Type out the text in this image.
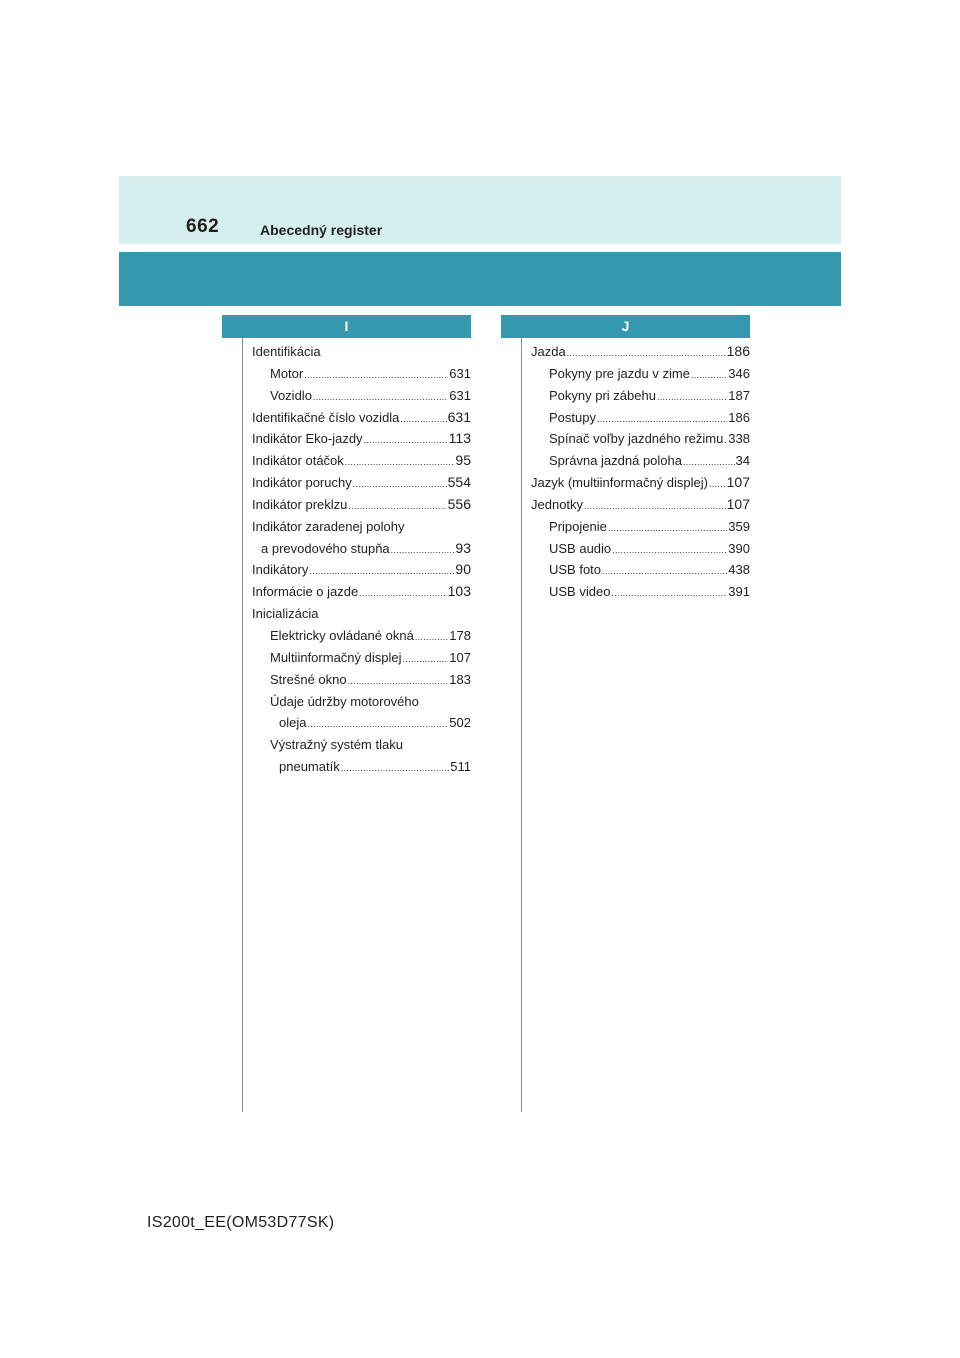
662	Abecedný register
I	J
Identifikácia
Motor .....	631
Vozidlo .....	631
Identifikačné číslo vozidla .....	631
Indikátor Eko-jazdy .....	113
Indikátor otáčok .....	95
Indikátor poruchy .....	554
Indikátor preklzu .....	556
Indikátor zaradenej polohy
a prevodového stupňa .....	93
Indikátory .....	90
Informácie o jazde .....	103
Inicializácia
Elektricky ovládané okná .....	178
Multiinformačný displej .....	107
Strešné okno .....	183
Údaje údržby motorového
oleja .....	502
Výstražný systém tlaku
pneumatík .....	511
Jazda .....	186
Pokyny pre jazdu v zime .....	346
Pokyny pri zábehu .....	187
Postupy .....	186
Spínač voľby jazdného režimu ..... 338
Správna jazdná poloha .....	34
Jazyk (multiinformačný displej) ..... 107
Jednotky .....	107
Pripojenie .....	359
USB audio .....	390
USB foto .....	438
USB video .....	391
IS200t_EE(OM53D77SK)
